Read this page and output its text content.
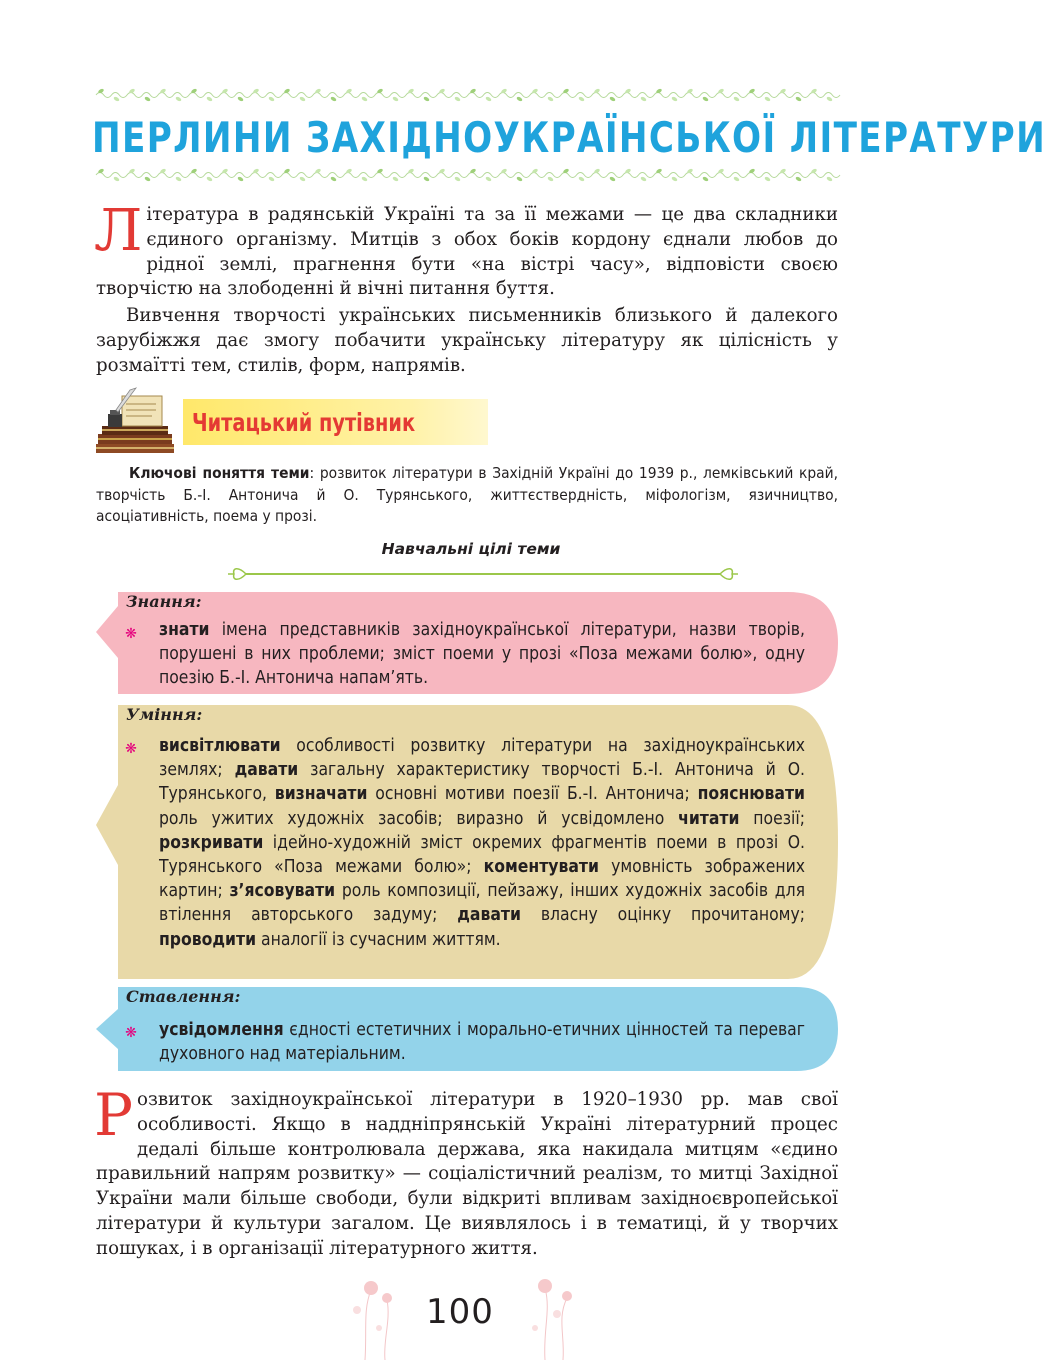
ПЕРЛИНИ ЗАХІДНОУКРАЇНСЬКОЇ ЛІТЕРАТУРИ
Література в радянській Україні та за її межами — це два складники єдиного організму. Митців з обох боків кордону єднали любов до рідної землі, прагнення бути «на вістрі часу», відповісти своєю творчістю на злободенні й вічні питання буття.

Вивчення творчості українських письменників близького й далекого зарубіжжя дає змогу побачити українську літературу як цілісність у розмаїтті тем, стилів, форм, напрямів.

Читацький путівник

Ключові поняття теми: розвиток літератури в Західній Україні до 1939 р., лемківський край, творчість Б.-І. Антонича й О. Турянського, життєствердність, міфологізм, язичництво, асоціативність, поема у прозі.

Навчальні цілі теми
Знання:
❋ знати імена представників західноукраїнської літератури, назви творів, порушені в них проблеми; зміст поеми у прозі «Поза межами болю», одну поезію Б.-І. Антонича напам’ять.

Уміння:
❋ висвітлювати особливості розвитку літератури на західноукраїнських землях; давати загальну характеристику творчості Б.-І. Антонича й О. Турянського, визначати основні мотиви поезії Б.-І. Антонича; пояснювати роль ужитих художніх засобів; виразно й усвідомлено читати поезії; розкривати ідейно-художній зміст окремих фрагментів поеми в прозі О. Турянського «Поза межами болю»; коментувати умовність зображених картин; з’ясовувати роль композиції, пейзажу, інших художніх засобів для втілення авторського задуму; давати власну оцінку прочитаному; проводити аналогії із сучасним життям.

Ставлення:
❋ усвідомлення єдності естетичних і морально-етичних цінностей та переваг духовного над матеріальним.

Розвиток західноукраїнської літератури в 1920–1930 рр. мав свої особливості. Якщо в наддніпрянській Україні літературний процес дедалі більше контролювала держава, яка накидала митцям «єдино правильний напрям розвитку» — соціалістичний реалізм, то митці Західної України мали більше свободи, були відкриті впливам західноєвропейської літератури й культури загалом. Це виявлялось і в тематиці, й у творчих пошуках, і в організації літературного життя.
100
